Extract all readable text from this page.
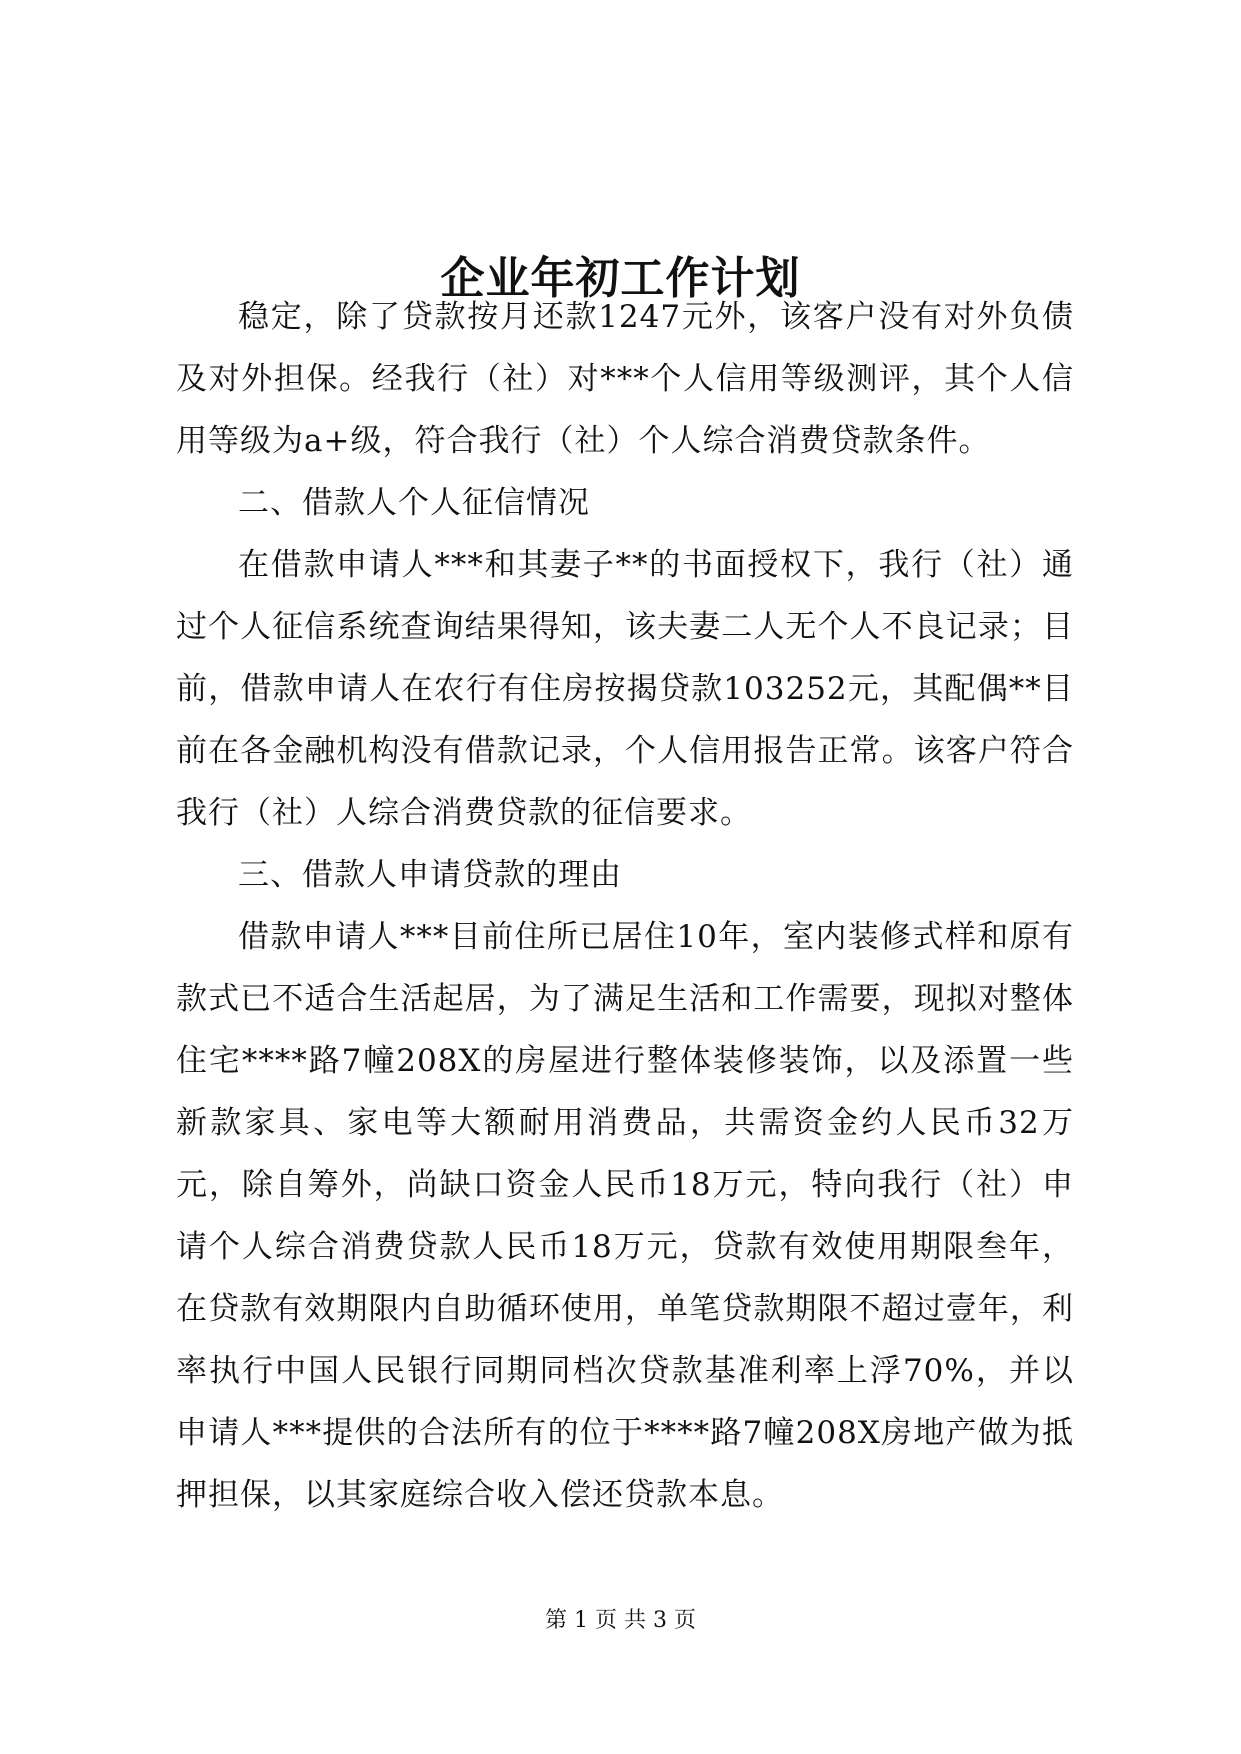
企业年初工作计划

稳定，除了贷款按月还款1247元外，该客户没有对外负债及对外担保。经我行（社）对***个人信用等级测评，其个人信用等级为a+级，符合我行（社）个人综合消费贷款条件。

二、借款人个人征信情况

在借款申请人***和其妻子**的书面授权下，我行（社）通过个人征信系统查询结果得知，该夫妻二人无个人不良记录；目前，借款申请人在农行有住房按揭贷款103252元，其配偶**目前在各金融机构没有借款记录，个人信用报告正常。该客户符合我行（社）人综合消费贷款的征信要求。

三、借款人申请贷款的理由

借款申请人***目前住所已居住10年，室内装修式样和原有款式已不适合生活起居，为了满足生活和工作需要，现拟对整体住宅****路7幢208X的房屋进行整体装修装饰，以及添置一些新款家具、家电等大额耐用消费品，共需资金约人民币32万元，除自筹外，尚缺口资金人民币18万元，特向我行（社）申请个人综合消费贷款人民币18万元，贷款有效使用期限叁年，在贷款有效期限内自助循环使用，单笔贷款期限不超过壹年，利率执行中国人民银行同期同档次贷款基准利率上浮70%，并以申请人***提供的合法所有的位于****路7幢208X房地产做为抵押担保，以其家庭综合收入偿还贷款本息。

第 1 页 共 3 页
